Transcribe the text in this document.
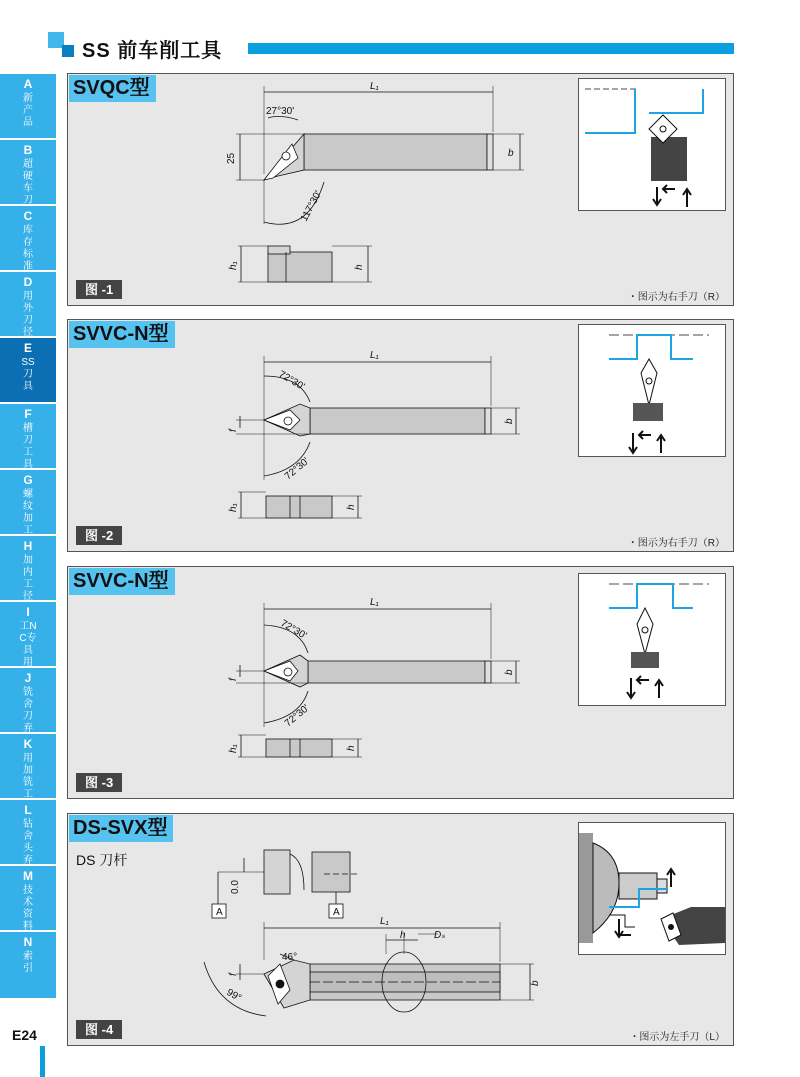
SS 前车削工具
A
新产品
B
超硬车刀
C
库存标准
D
用外刀径
E
SS刀具
F
槽刀工具
G
螺纹加工
H
加内工径
I
工NC专具用
J
铣舍刀弃
K
用加铣工
L
钻舍头弃
M
技术资料
N
索引
E24
SVQC型	L₁
27°30'
117°30'
25	b
h₁	h
图 -1
・图示为右手刀（R）
SVVC-N型
L₁
72°30'
72°30'
f
b
h₁	h
图 -2
・图示为右手刀（R）
SVVC-N型
L₁
72°30'
72°30'
f
b
h₁	h
图 -3
DS-SVX型
DS 刀杆
0.0
A	A
L₁
h	Dₛ
46°
99°
f
b
图 -4
・图示为左手刀（L）
